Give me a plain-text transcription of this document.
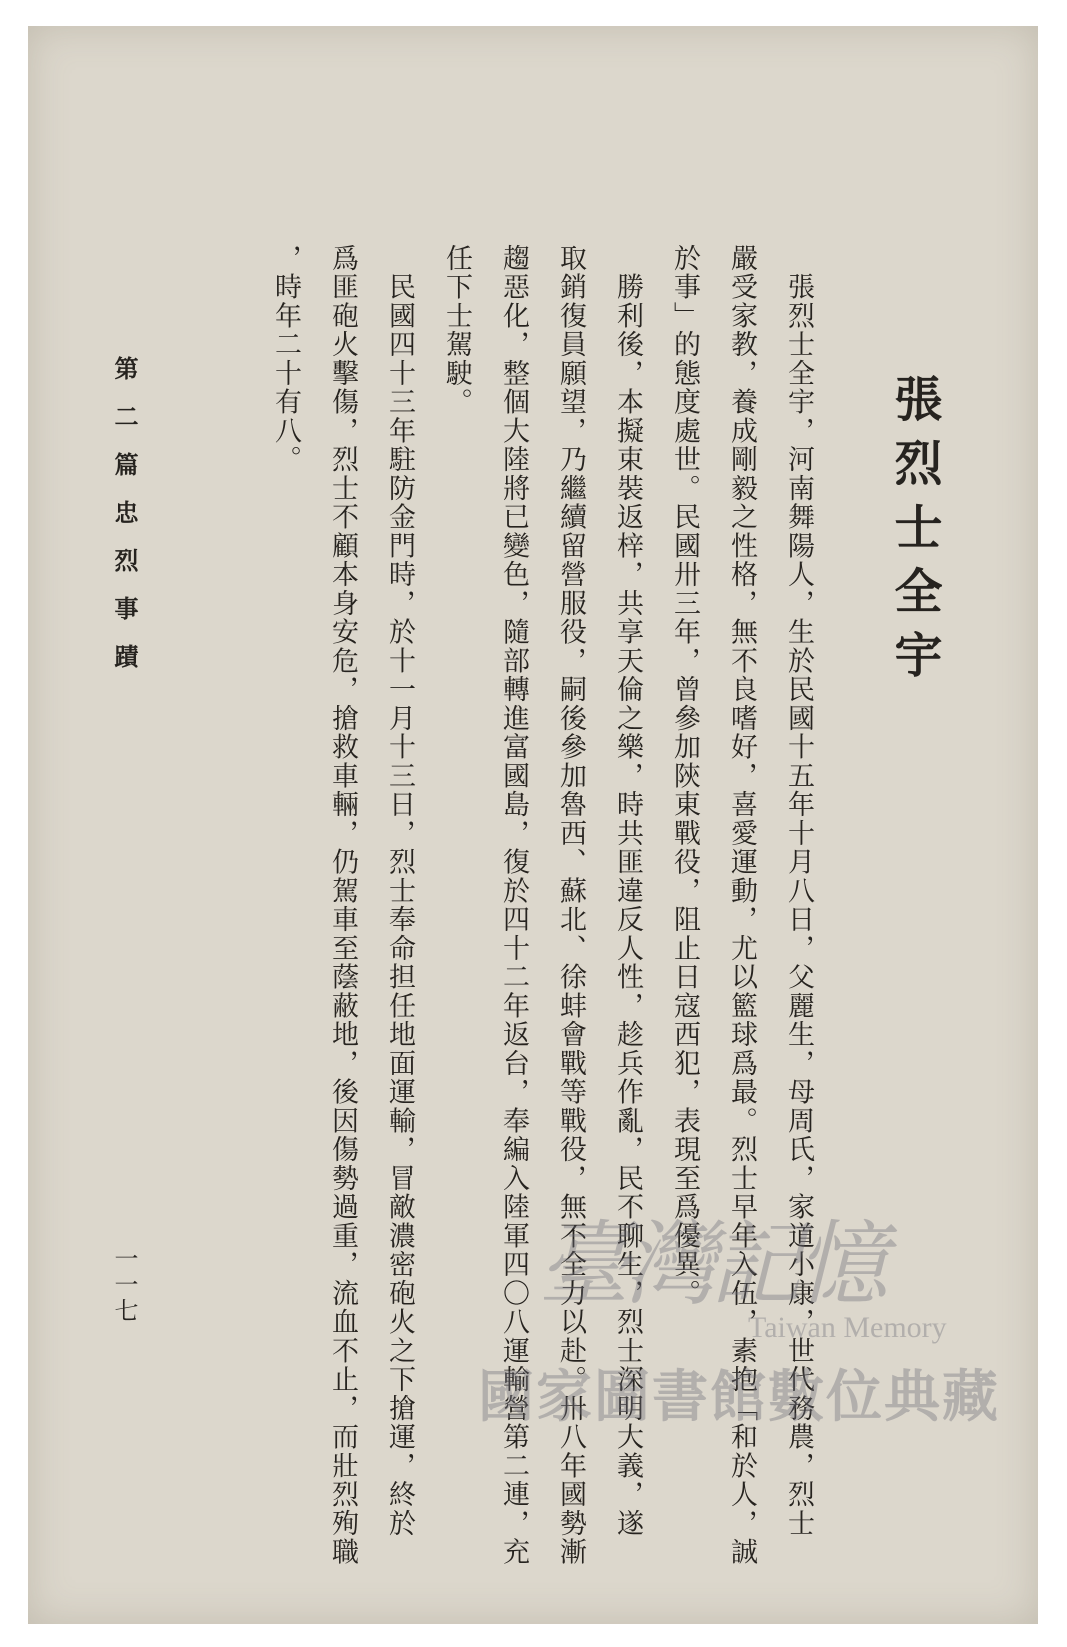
張烈士全宇
　張烈士全宇，河南舞陽人，生於民國十五年十月八日，父麗生，母周氏，家道小康，世代務農，烈士
嚴受家教，養成剛毅之性格，無不良嗜好，喜愛運動，尤以籃球爲最。烈士早年入伍，素抱「和於人，誠
於事」的態度處世。民國卅三年，曾參加陝東戰役，阻止日寇西犯，表現至爲優異。
　勝利後，本擬束裝返梓，共享天倫之樂，時共匪違反人性，趁兵作亂，民不聊生，烈士深明大義，遂
取銷復員願望，乃繼續留營服役，嗣後參加魯西、蘇北、徐蚌會戰等戰役，無不全力以赴。卅八年國勢漸
趨惡化，整個大陸將已變色，隨部轉進富國島，復於四十二年返台，奉編入陸軍四〇八運輸營第二連，充
任下士駕駛。
　民國四十三年駐防金門時，於十一月十三日，烈士奉命担任地面運輸，冒敵濃密砲火之下搶運，終於
爲匪砲火擊傷，烈士不顧本身安危，搶救車輛，仍駕車至蔭蔽地，後因傷勢過重，流血不止，而壯烈殉職
，時年二十有八。
第二篇忠烈事蹟
一一七	臺灣記憶
Taiwan Memory
國家圖書館數位典藏
